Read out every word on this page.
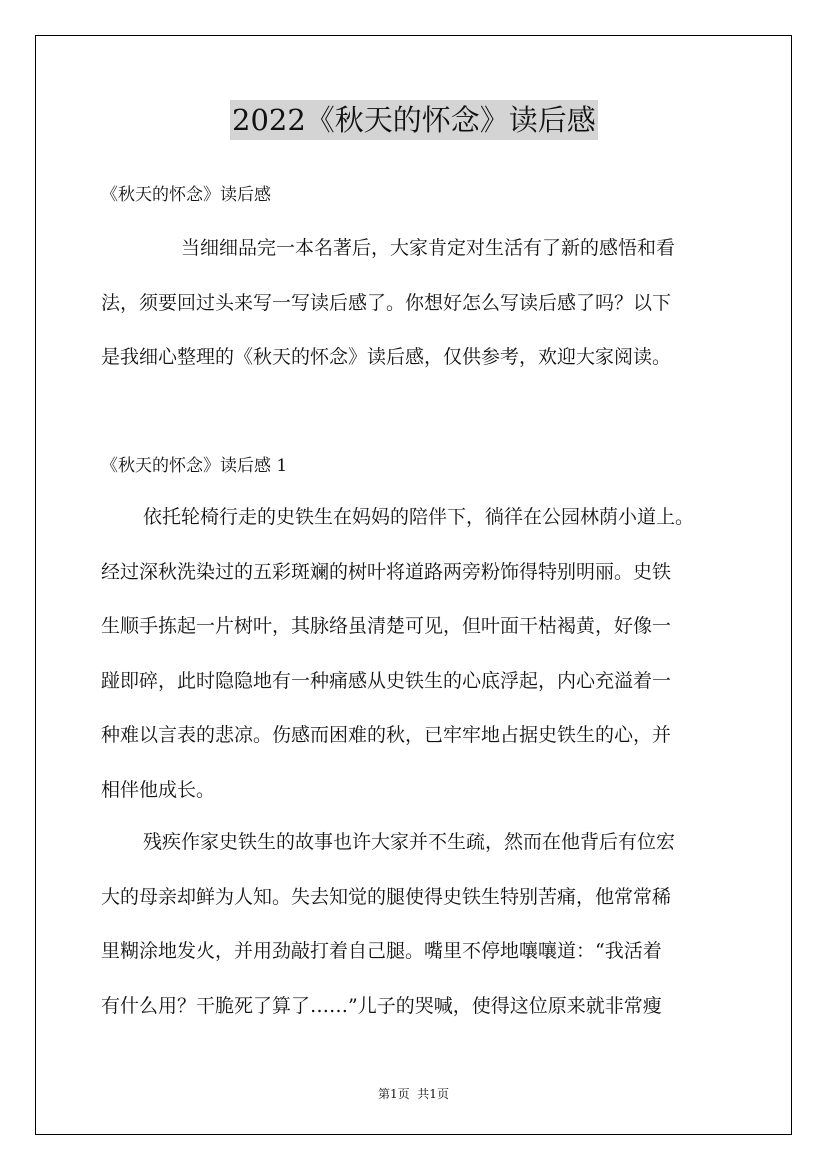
2022《秋天的怀念》读后感
《秋天的怀念》读后感
当细细品完一本名著后，大家肯定对生活有了新的感悟和看
法，须要回过头来写一写读后感了。你想好怎么写读后感了吗？以下
是我细心整理的《秋天的怀念》读后感，仅供参考，欢迎大家阅读。
《秋天的怀念》读后感 1
依托轮椅行走的史铁生在妈妈的陪伴下，徜徉在公园林荫小道上。
经过深秋洗染过的五彩斑斓的树叶将道路两旁粉饰得特别明丽。史铁
生顺手拣起一片树叶，其脉络虽清楚可见，但叶面干枯褐黄，好像一
踫即碎，此时隐隐地有一种痛感从史铁生的心底浮起，内心充溢着一
种难以言表的悲凉。伤感而困难的秋，已牢牢地占据史铁生的心，并
相伴他成长。
残疾作家史铁生的故事也许大家并不生疏，然而在他背后有位宏
大的母亲却鲜为人知。失去知觉的腿使得史铁生特别苦痛，他常常稀
里糊涂地发火，并用劲敲打着自己腿。嘴里不停地嚷嚷道：“我活着
有什么用？干脆死了算了……”儿子的哭喊，使得这位原来就非常瘦
第1页  共1页
